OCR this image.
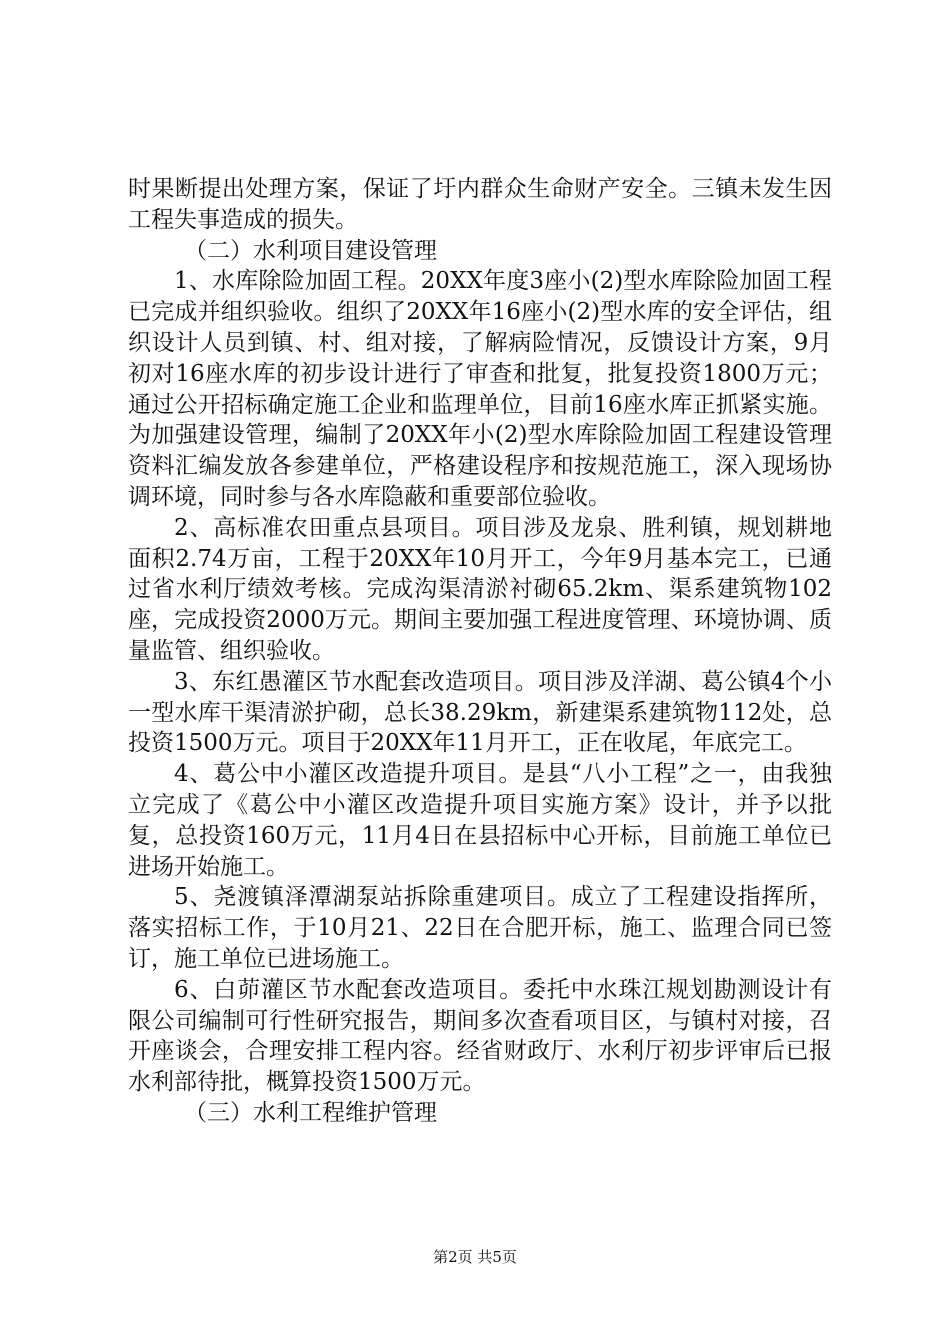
时果断提出处理方案，保证了圩内群众生命财产安全。三镇未发生因工程失事造成的损失。

（二）水利项目建设管理

1、水库除险加固工程。20XX年度3座小(2)型水库除险加固工程已完成并组织验收。组织了20XX年16座小(2)型水库的安全评估，组织设计人员到镇、村、组对接，了解病险情况，反馈设计方案，9月初对16座水库的初步设计进行了审查和批复，批复投资1800万元；通过公开招标确定施工企业和监理单位，目前16座水库正抓紧实施。为加强建设管理，编制了20XX年小(2)型水库除险加固工程建设管理资料汇编发放各参建单位，严格建设程序和按规范施工，深入现场协调环境，同时参与各水库隐蔽和重要部位验收。

2、高标准农田重点县项目。项目涉及龙泉、胜利镇，规划耕地面积2.74万亩，工程于20XX年10月开工，今年9月基本完工，已通过省水利厅绩效考核。完成沟渠清淤衬砌65.2km、渠系建筑物102座，完成投资2000万元。期间主要加强工程进度管理、环境协调、质量监管、组织验收。

3、东红愚灌区节水配套改造项目。项目涉及洋湖、葛公镇4个小一型水库干渠清淤护砌，总长38.29km，新建渠系建筑物112处，总投资1500万元。项目于20XX年11月开工，正在收尾，年底完工。

4、葛公中小灌区改造提升项目。是县“八小工程”之一，由我独立完成了《葛公中小灌区改造提升项目实施方案》设计，并予以批复，总投资160万元，11月4日在县招标中心开标，目前施工单位已进场开始施工。

5、尧渡镇泽潭湖泵站拆除重建项目。成立了工程建设指挥所，落实招标工作，于10月21、22日在合肥开标，施工、监理合同已签订，施工单位已进场施工。

6、白茆灌区节水配套改造项目。委托中水珠江规划勘测设计有限公司编制可行性研究报告，期间多次查看项目区，与镇村对接，召开座谈会，合理安排工程内容。经省财政厅、水利厅初步评审后已报水利部待批，概算投资1500万元。

（三）水利工程维护管理

第2页 共5页
